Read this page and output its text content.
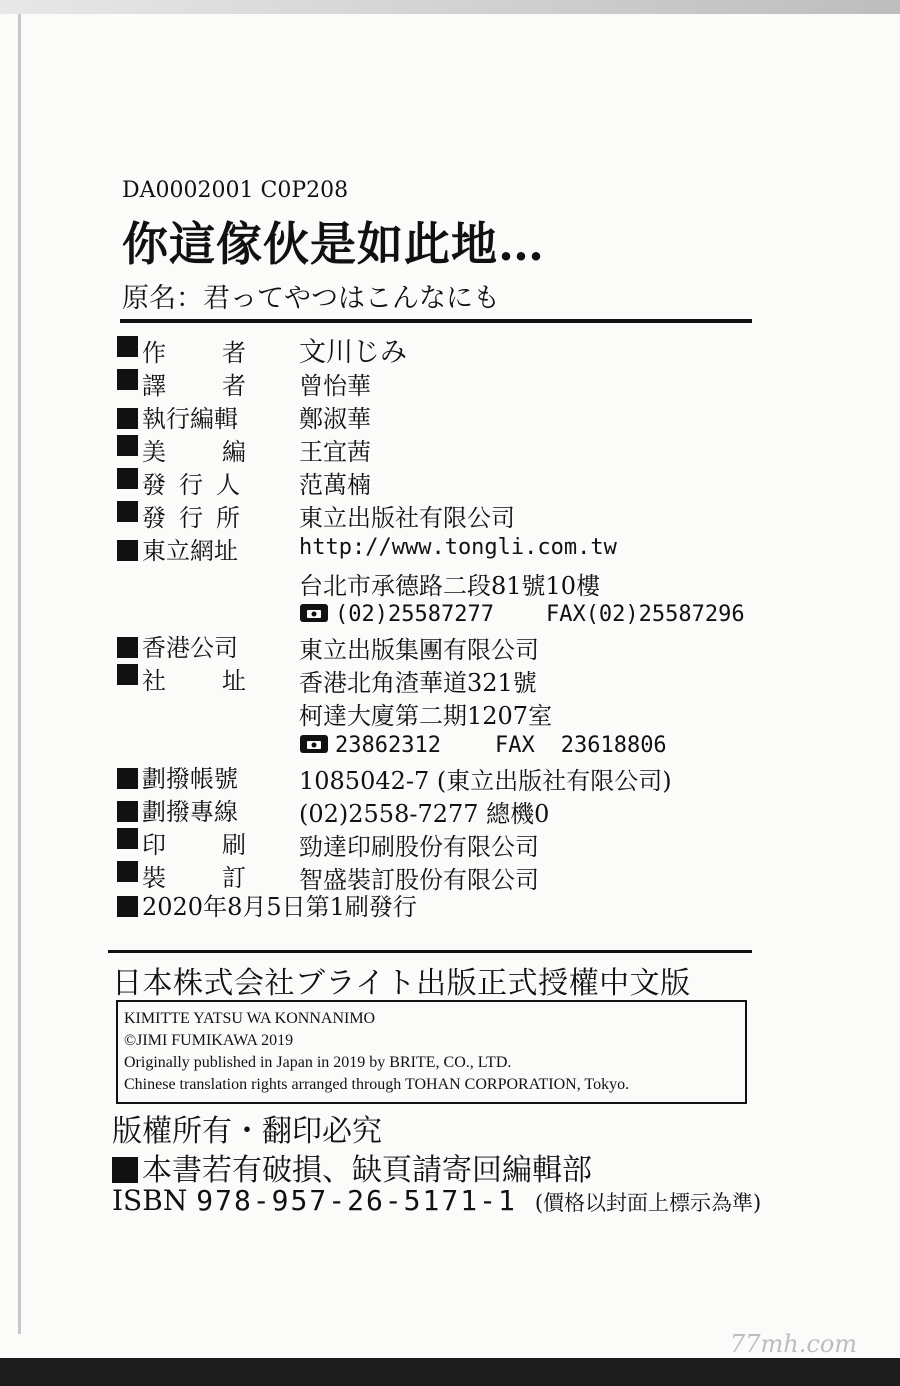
DA0002001 C0P208
你這傢伙是如此地…
原名：君ってやつはこんなにも
作 者 文川じみ
譯 者 曾怡華
執行編輯	鄭淑華
美 編 王宜茜
發 行 人 范萬楠
發 行 所 東立出版社有限公司
東立網址	http://www.tongli.com.tw
台北市承德路二段81號10樓
(02)25587277 FAX(02)25587296
香港公司	東立出版集團有限公司
社 址 香港北角渣華道321號
柯達大廈第二期1207室
23862312 FAX 23618806
劃撥帳號	1085042-7 (東立出版社有限公司)
劃撥專線	(02)2558-7277 總機0
印 刷 勁達印刷股份有限公司
裝 訂 智盛裝訂股份有限公司
2020年8月5日第1刷發行
日本株式会社ブライト出版正式授權中文版
KIMITTE YATSU WA KONNANIMO
©JIMI FUMIKAWA 2019
Originally published in Japan in 2019 by BRITE, CO., LTD.
Chinese translation rights arranged through TOHAN CORPORATION, Tokyo.
版權所有・翻印必究
本書若有破損、缺頁請寄回編輯部
ISBN 978-957-26-5171-1 (價格以封面上標示為準)
77mh.com
